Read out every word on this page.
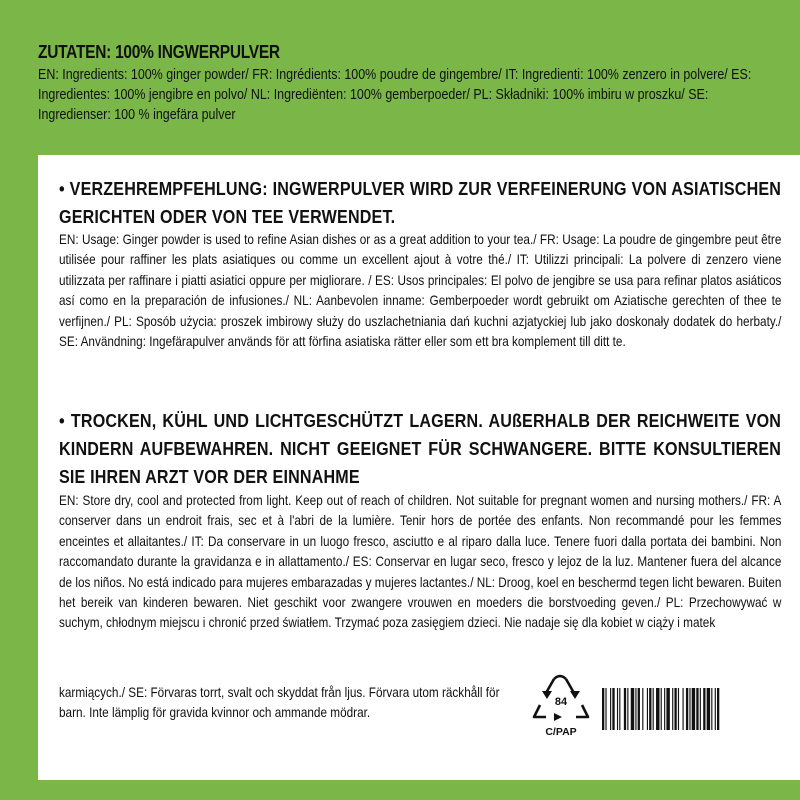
ZUTATEN: 100% INGWERPULVER

EN: Ingredients: 100% ginger powder/ FR: Ingrédients: 100% poudre de gingembre/ IT: Ingredienti: 100% zenzero in polvere/ ES: Ingredientes: 100% jengibre en polvo/ NL: Ingrediënten: 100% gemberpoeder/ PL: Składniki: 100% imbiru w proszku/ SE: Ingredienser: 100 % ingefära pulver

• VERZEHREMPFEHLUNG: INGWERPULVER WIRD ZUR VERFEINERUNG VON ASIATISCHEN GERICHTEN ODER VON TEE VERWENDET.

EN: Usage: Ginger powder is used to refine Asian dishes or as a great addition to your tea./ FR: Usage: La poudre de gingembre peut être utilisée pour raffiner les plats asiatiques ou comme un excellent ajout à votre thé./ IT: Utilizzi principali: La polvere di zenzero viene utilizzata per raffinare i piatti asiatici oppure per migliorare. / ES: Usos principales: El polvo de jengibre se usa para refinar platos asiáticos así como en la preparación de infusiones./ NL: Aanbevolen inname: Gemberpoeder wordt gebruikt om Aziatische gerechten of thee te verfijnen./ PL: Sposób użycia: proszek imbirowy służy do uszlachetniania dań kuchni azjatyckiej lub jako doskonały dodatek do herbaty./ SE: Användning: Ingefärapulver används för att förfina asiatiska rätter eller som ett bra komplement till ditt te.

• TROCKEN, KÜHL UND LICHTGESCHÜTZT LAGERN. AUßERHALB DER REICHWEITE VON KINDERN AUFBEWAHREN. NICHT GEEIGNET FÜR SCHWANGERE. BITTE KONSULTIEREN SIE IHREN ARZT VOR DER EINNAHME

EN: Store dry, cool and protected from light. Keep out of reach of children. Not suitable for pregnant women and nursing mothers./ FR: A conserver dans un endroit frais, sec et à l'abri de la lumière. Tenir hors de portée des enfants. Non recommandé pour les femmes enceintes et allaitantes./ IT: Da conservare in un luogo fresco, asciutto e al riparo dalla luce. Tenere fuori dalla portata dei bambini. Non raccomandato durante la gravidanza e in allattamento./ ES: Conservar en lugar seco, fresco y lejoz de la luz. Mantener fuera del alcance de los niños. No está indicado para mujeres embarazadas y mujeres lactantes./ NL: Droog, koel en beschermd tegen licht bewaren. Buiten het bereik van kinderen bewaren. Niet geschikt voor zwangere vrouwen en moeders die borstvoeding geven./ PL: Przechowywać w suchym, chłodnym miejscu i chronić przed światłem. Trzymać poza zasięgiem dzieci. Nie nadaje się dla kobiet w ciąży i matek

karmiących./ SE: Förvaras torrt, svalt och skyddat från ljus. Förvara utom räckhåll för barn. Inte lämplig för gravida kvinnor och ammande mödrar.

84
C/PAP
